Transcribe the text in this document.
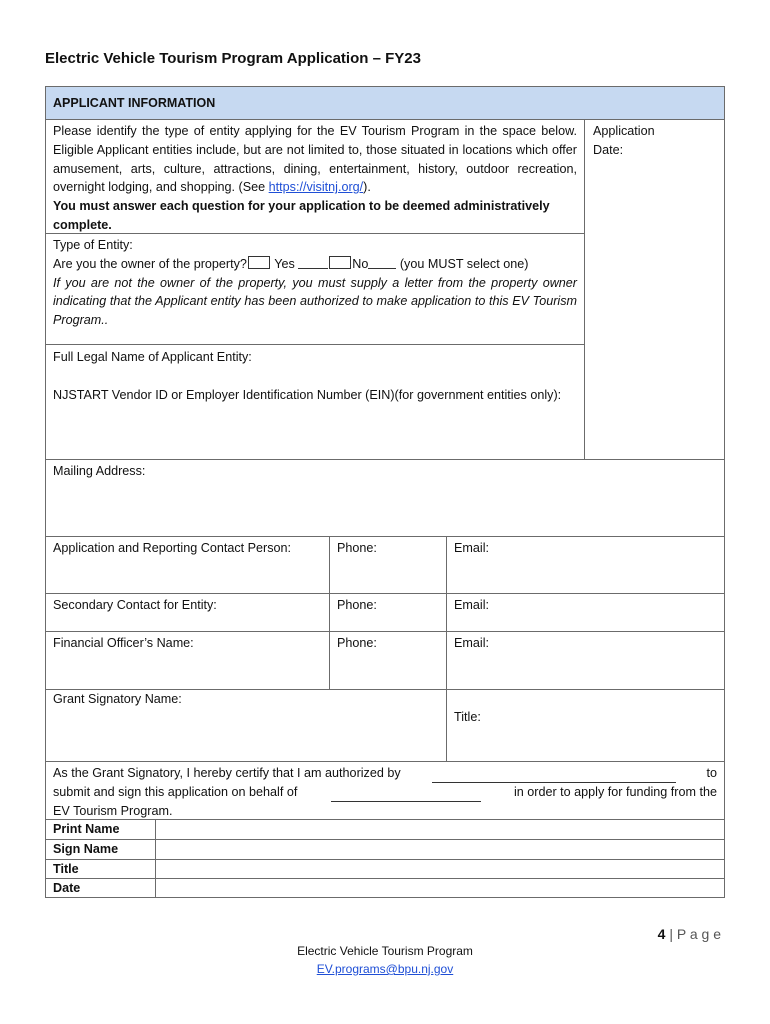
Electric Vehicle Tourism Program Application – FY23
APPLICANT INFORMATION
Please identify the type of entity applying for the EV Tourism Program in the space below. Eligible Applicant entities include, but are not limited to, those situated in locations which offer amusement, arts, culture, attractions, dining, entertainment, history, outdoor recreation, overnight lodging, and shopping. (See https://visitnj.org/).
You must answer each question for your application to be deemed administratively complete.
Application Date:
Type of Entity:
Are you the owner of the property? Yes	No	(you MUST select one)
If you are not the owner of the property, you must supply a letter from the property owner indicating that the Applicant entity has been authorized to make application to this EV Tourism Program..
Full Legal Name of Applicant Entity:
NJSTART Vendor ID or Employer Identification Number (EIN)(for government entities only):
Mailing Address:
Application and Reporting Contact Person:	Phone:	Email:
Secondary Contact for Entity:	Phone:	Email:
Financial Officer’s Name:	Phone:	Email:
Grant Signatory Name:
Title:
As the Grant Signatory, I hereby certify that I am authorized by	to
submit and sign this application on behalf of	in order to apply for funding from the
EV Tourism Program.
Print Name
Sign Name
Title
Date
4 | P a g e
Electric Vehicle Tourism Program
EV.programs@bpu.nj.gov
